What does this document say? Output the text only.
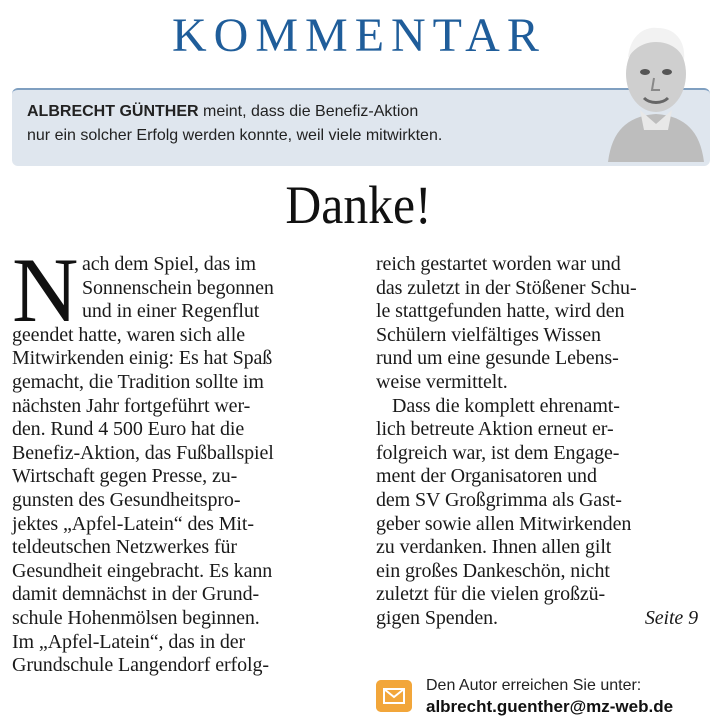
KOMMENTAR
ALBRECHT GÜNTHER meint, dass die Benefiz-Aktion
nur ein solcher Erfolg werden konnte, weil viele mitwirkten.
Danke!
N ach dem Spiel, das im
Sonnenschein begonnen
und in einer Regenflut
geendet hatte, waren sich alle
Mitwirkenden einig: Es hat Spaß
gemacht, die Tradition sollte im
nächsten Jahr fortgeführt wer-
den. Rund 4 500 Euro hat die
Benefiz-Aktion, das Fußballspiel
Wirtschaft gegen Presse, zu-
gunsten des Gesundheitspro-
jektes „Apfel-Latein“ des Mit-
teldeutschen Netzwerkes für
Gesundheit eingebracht. Es kann
damit demnächst in der Grund-
schule Hohenmölsen beginnen.
Im „Apfel-Latein“, das in der
Grundschule Langendorf erfolg-
reich gestartet worden war und
das zuletzt in der Stößener Schu-
le stattgefunden hatte, wird den
Schülern vielfältiges Wissen
rund um eine gesunde Lebens-
weise vermittelt.
Dass die komplett ehrenamt-
lich betreute Aktion erneut er-
folgreich war, ist dem Engage-
ment der Organisatoren und
dem SV Großgrimma als Gast-
geber sowie allen Mitwirkenden
zu verdanken. Ihnen allen gilt
ein großes Dankeschön, nicht
zuletzt für die vielen großzü-
gigen Spenden.	Seite 9
Den Autor erreichen Sie unter:
albrecht.guenther@mz-web.de
